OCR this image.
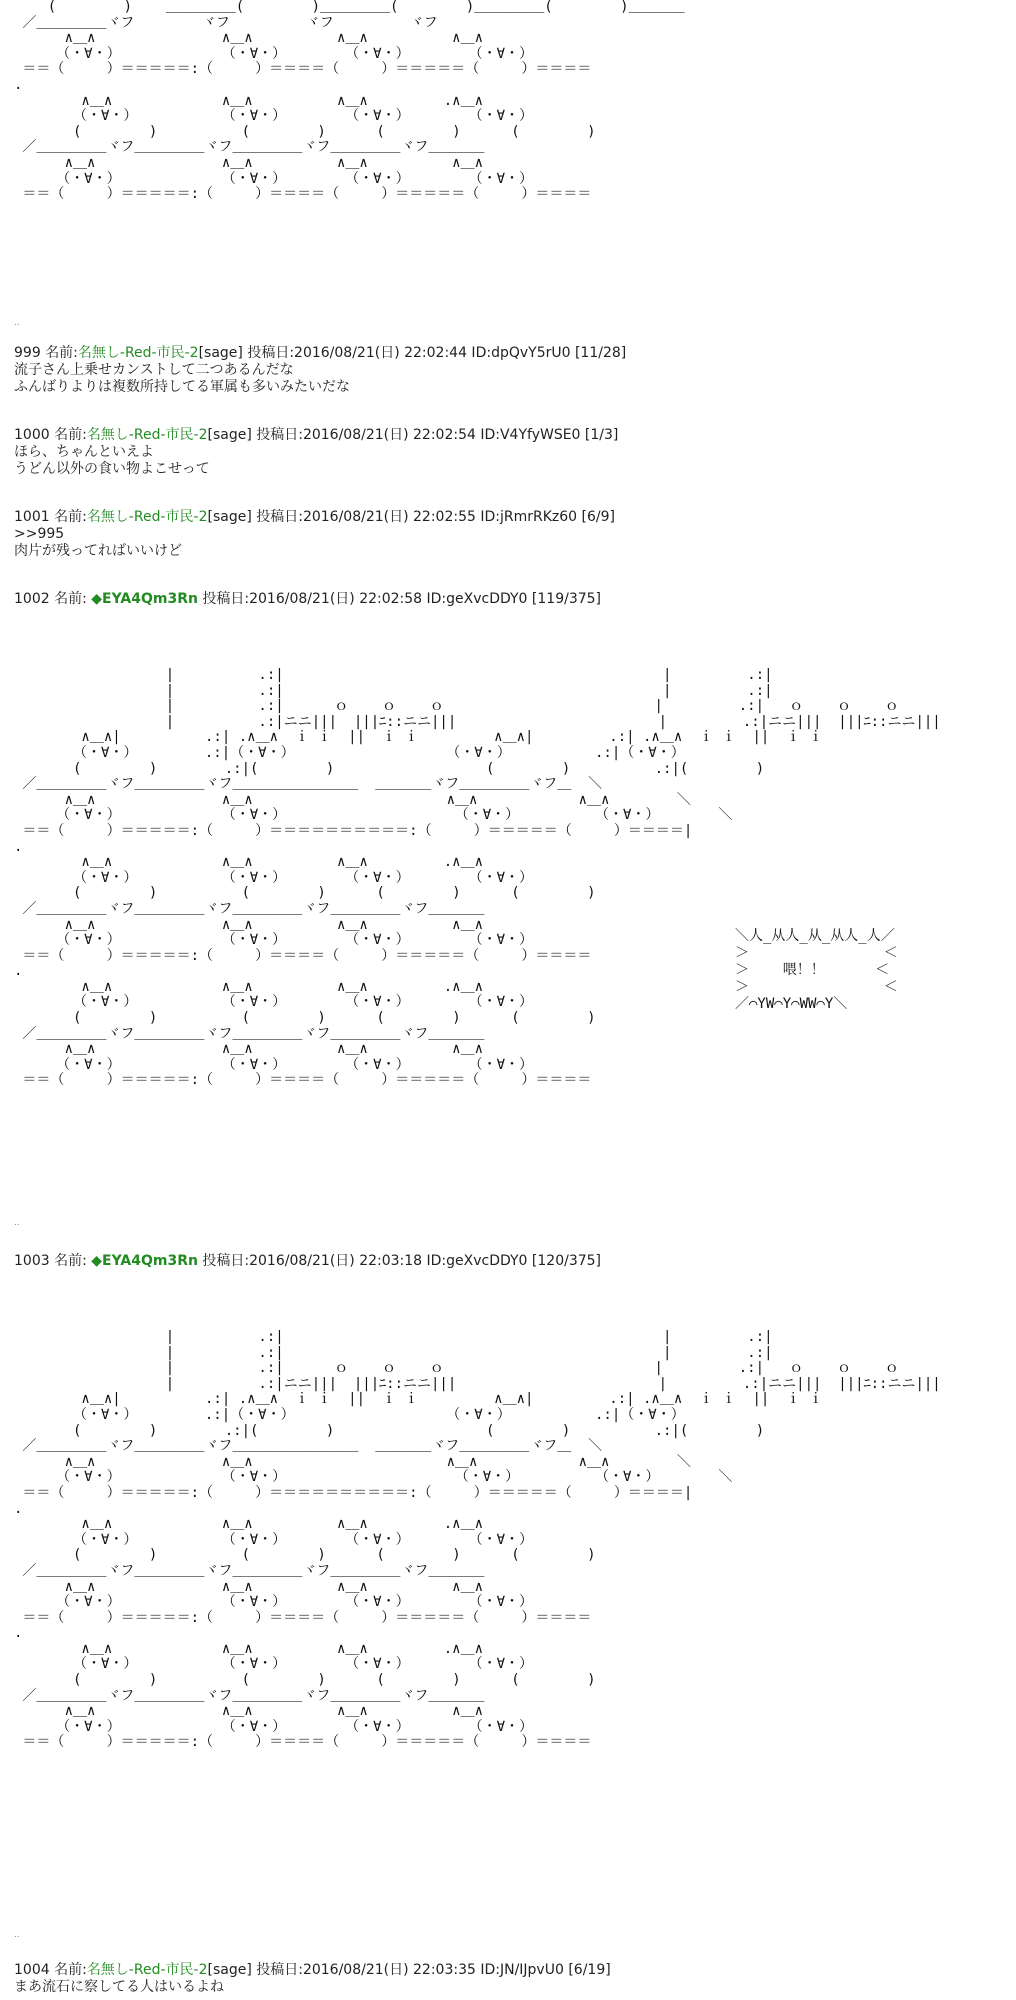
(        )    ＿＿＿＿＿(        )＿＿＿＿＿(        )＿＿＿＿＿(        )＿＿＿＿
／＿＿＿＿＿ヾフ        ヾフ         ヾフ         ヾフ
∧＿∧               ∧＿∧          ∧＿∧          ∧＿∧
（・∀・）            （・∀・）       （・∀・）       （・∀・）
＝＝（     ）＝＝＝＝＝:（     ）＝＝＝＝（     ）＝＝＝＝＝（     ）＝＝＝＝
.
∧＿∧             ∧＿∧          ∧＿∧         .∧＿∧
（・∀・）          （・∀・）       （・∀・）       （・∀・）
(        )          (        )      (        )      (        )
／＿＿＿＿＿ヾフ＿＿＿＿＿ヾフ＿＿＿＿＿ヾフ＿＿＿＿＿ヾフ＿＿＿＿
∧＿∧               ∧＿∧          ∧＿∧          ∧＿∧
（・∀・）            （・∀・）       （・∀・）       （・∀・）
＝＝（     ）＝＝＝＝＝:（     ）＝＝＝＝（     ）＝＝＝＝＝（     ）＝＝＝＝
..
999 名前:名無し-Red-市民-2[sage] 投稿日:2016/08/21(日) 22:02:44 ID:dpQvY5rU0 [11/28]
流子さん上乗せカンストして二つあるんだな
ふんばりよりは複数所持してる軍属も多いみたいだな
1000 名前:名無し-Red-市民-2[sage] 投稿日:2016/08/21(日) 22:02:54 ID:V4YfyWSE0 [1/3]
ほら、ちゃんといえよ
うどん以外の食い物よこせって
1001 名前:名無し-Red-市民-2[sage] 投稿日:2016/08/21(日) 22:02:55 ID:jRmrRKz60 [6/9]
>>995
肉片が残ってればいいけど
1002 名前: ◆EYA4Qm3Rn 投稿日:2016/08/21(日) 22:02:58 ID:geXvcDDY0 [119/375]
|          .:|                                             |         .:|
|          .:|                                             |         .:|
|          .:|      ｏ    ｏ    ｏ                         |         .:|   ｏ    ｏ    ｏ
|          .:|ニニ|||  |||ﾆ::ニニ|||                        |         .:|ニニ|||  |||ﾆ::ニニ|||
∧＿∧|          .:| .∧＿∧  ｉ ｉ  ||  ｉ ｉ         ∧＿∧|         .:| .∧＿∧  ｉ ｉ  ||  ｉ ｉ
（・∀・）        .:|（・∀・）                  （・∀・）          .:|（・∀・）
(        )        .:|(        )                  (        )          .:|(        )
／＿＿＿＿＿ヾフ＿＿＿＿＿ヾフ＿＿＿＿＿＿＿＿＿  ＿＿＿＿ヾフ＿＿＿＿＿ヾフ＿  ＼
∧＿∧               ∧＿∧                       ∧＿∧            ∧＿∧        ＼
（・∀・）            （・∀・）                    （・∀・）         （・∀・）       ＼
＝＝（     ）＝＝＝＝＝:（     ）＝＝＝＝＝＝＝＝＝＝:（     ）＝＝＝＝＝（     ）＝＝＝＝|
.
∧＿∧             ∧＿∧          ∧＿∧         .∧＿∧
（・∀・）          （・∀・）       （・∀・）       （・∀・）
(        )          (        )      (        )      (        )
／＿＿＿＿＿ヾフ＿＿＿＿＿ヾフ＿＿＿＿＿ヾフ＿＿＿＿＿ヾフ＿＿＿＿
∧＿∧               ∧＿∧          ∧＿∧          ∧＿∧
（・∀・）            （・∀・）       （・∀・）       （・∀・）
＝＝（     ）＝＝＝＝＝:（     ）＝＝＝＝（     ）＝＝＝＝＝（     ）＝＝＝＝
.
∧＿∧             ∧＿∧          ∧＿∧         .∧＿∧
（・∀・）          （・∀・）       （・∀・）       （・∀・）
(        )          (        )      (        )      (        )
／＿＿＿＿＿ヾフ＿＿＿＿＿ヾフ＿＿＿＿＿ヾフ＿＿＿＿＿ヾフ＿＿＿＿
∧＿∧               ∧＿∧          ∧＿∧          ∧＿∧
（・∀・）            （・∀・）       （・∀・）       （・∀・）
＝＝（     ）＝＝＝＝＝:（     ）＝＝＝＝（     ）＝＝＝＝＝（     ）＝＝＝＝
＼人_从人_从_从人_人／
＞                ＜
＞    喂！！      ＜
＞                ＜
／⌒YW⌒Y⌒WW⌒Y＼
..
1003 名前: ◆EYA4Qm3Rn 投稿日:2016/08/21(日) 22:03:18 ID:geXvcDDY0 [120/375]
|          .:|                                             |         .:|
|          .:|                                             |         .:|
|          .:|      ｏ    ｏ    ｏ                         |         .:|   ｏ    ｏ    ｏ
|          .:|ニニ|||  |||ﾆ::ニニ|||                        |         .:|ニニ|||  |||ﾆ::ニニ|||
∧＿∧|          .:| .∧＿∧  ｉ ｉ  ||  ｉ ｉ         ∧＿∧|         .:| .∧＿∧  ｉ ｉ  ||  ｉ ｉ
（・∀・）        .:|（・∀・）                  （・∀・）          .:|（・∀・）
(        )        .:|(        )                  (        )          .:|(        )
／＿＿＿＿＿ヾフ＿＿＿＿＿ヾフ＿＿＿＿＿＿＿＿＿  ＿＿＿＿ヾフ＿＿＿＿＿ヾフ＿  ＼
∧＿∧               ∧＿∧                       ∧＿∧            ∧＿∧        ＼
（・∀・）            （・∀・）                    （・∀・）         （・∀・）       ＼
＝＝（     ）＝＝＝＝＝:（     ）＝＝＝＝＝＝＝＝＝＝:（     ）＝＝＝＝＝（     ）＝＝＝＝|
.
∧＿∧             ∧＿∧          ∧＿∧         .∧＿∧
（・∀・）          （・∀・）       （・∀・）       （・∀・）
(        )          (        )      (        )      (        )
／＿＿＿＿＿ヾフ＿＿＿＿＿ヾフ＿＿＿＿＿ヾフ＿＿＿＿＿ヾフ＿＿＿＿
∧＿∧               ∧＿∧          ∧＿∧          ∧＿∧
（・∀・）            （・∀・）       （・∀・）       （・∀・）
＝＝（     ）＝＝＝＝＝:（     ）＝＝＝＝（     ）＝＝＝＝＝（     ）＝＝＝＝
.
∧＿∧             ∧＿∧          ∧＿∧         .∧＿∧
（・∀・）          （・∀・）       （・∀・）       （・∀・）
(        )          (        )      (        )      (        )
／＿＿＿＿＿ヾフ＿＿＿＿＿ヾフ＿＿＿＿＿ヾフ＿＿＿＿＿ヾフ＿＿＿＿
∧＿∧               ∧＿∧          ∧＿∧          ∧＿∧
（・∀・）            （・∀・）       （・∀・）       （・∀・）
＝＝（     ）＝＝＝＝＝:（     ）＝＝＝＝（     ）＝＝＝＝＝（     ）＝＝＝＝
..
1004 名前:名無し-Red-市民-2[sage] 投稿日:2016/08/21(日) 22:03:35 ID:JN/IJpvU0 [6/19]
まあ流石に察してる人はいるよね
